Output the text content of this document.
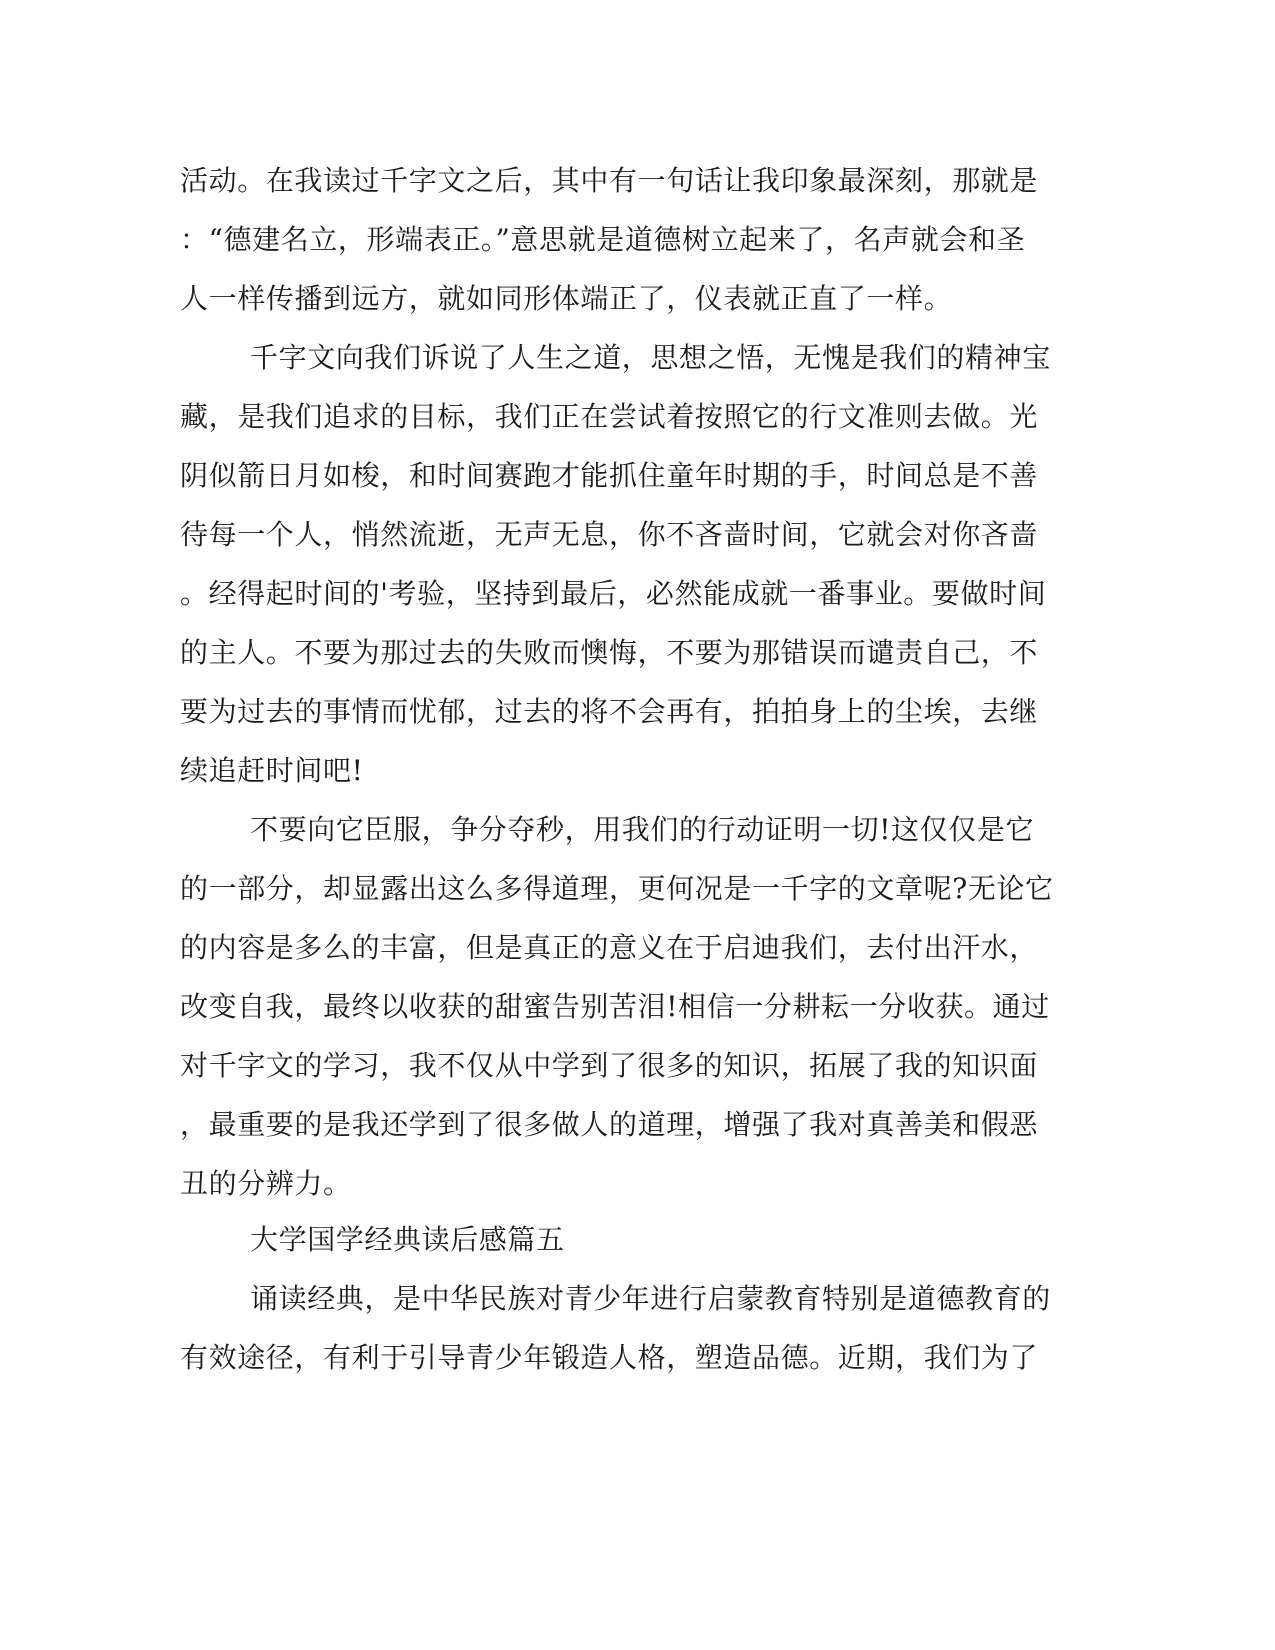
活动。在我读过千字文之后，其中有一句话让我印象最深刻，那就是
：“德建名立，形端表正。”意思就是道德树立起来了，名声就会和圣
人一样传播到远方，就如同形体端正了，仪表就正直了一样。
千字文向我们诉说了人生之道，思想之悟，无愧是我们的精神宝
藏，是我们追求的目标，我们正在尝试着按照它的行文准则去做。光
阴似箭日月如梭，和时间赛跑才能抓住童年时期的手，时间总是不善
待每一个人，悄然流逝，无声无息，你不吝啬时间，它就会对你吝啬
。经得起时间的'考验，坚持到最后，必然能成就一番事业。要做时间
的主人。不要为那过去的失败而懊悔，不要为那错误而谴责自己，不
要为过去的事情而忧郁，过去的将不会再有，拍拍身上的尘埃，去继
续追赶时间吧!
不要向它臣服，争分夺秒，用我们的行动证明一切!这仅仅是它
的一部分，却显露出这么多得道理，更何况是一千字的文章呢?无论它
的内容是多么的丰富，但是真正的意义在于启迪我们，去付出汗水，
改变自我，最终以收获的甜蜜告别苦泪!相信一分耕耘一分收获。通过
对千字文的学习，我不仅从中学到了很多的知识，拓展了我的知识面
，最重要的是我还学到了很多做人的道理，增强了我对真善美和假恶
丑的分辨力。
大学国学经典读后感篇五
诵读经典，是中华民族对青少年进行启蒙教育特别是道德教育的
有效途径，有利于引导青少年锻造人格，塑造品德。近期，我们为了
